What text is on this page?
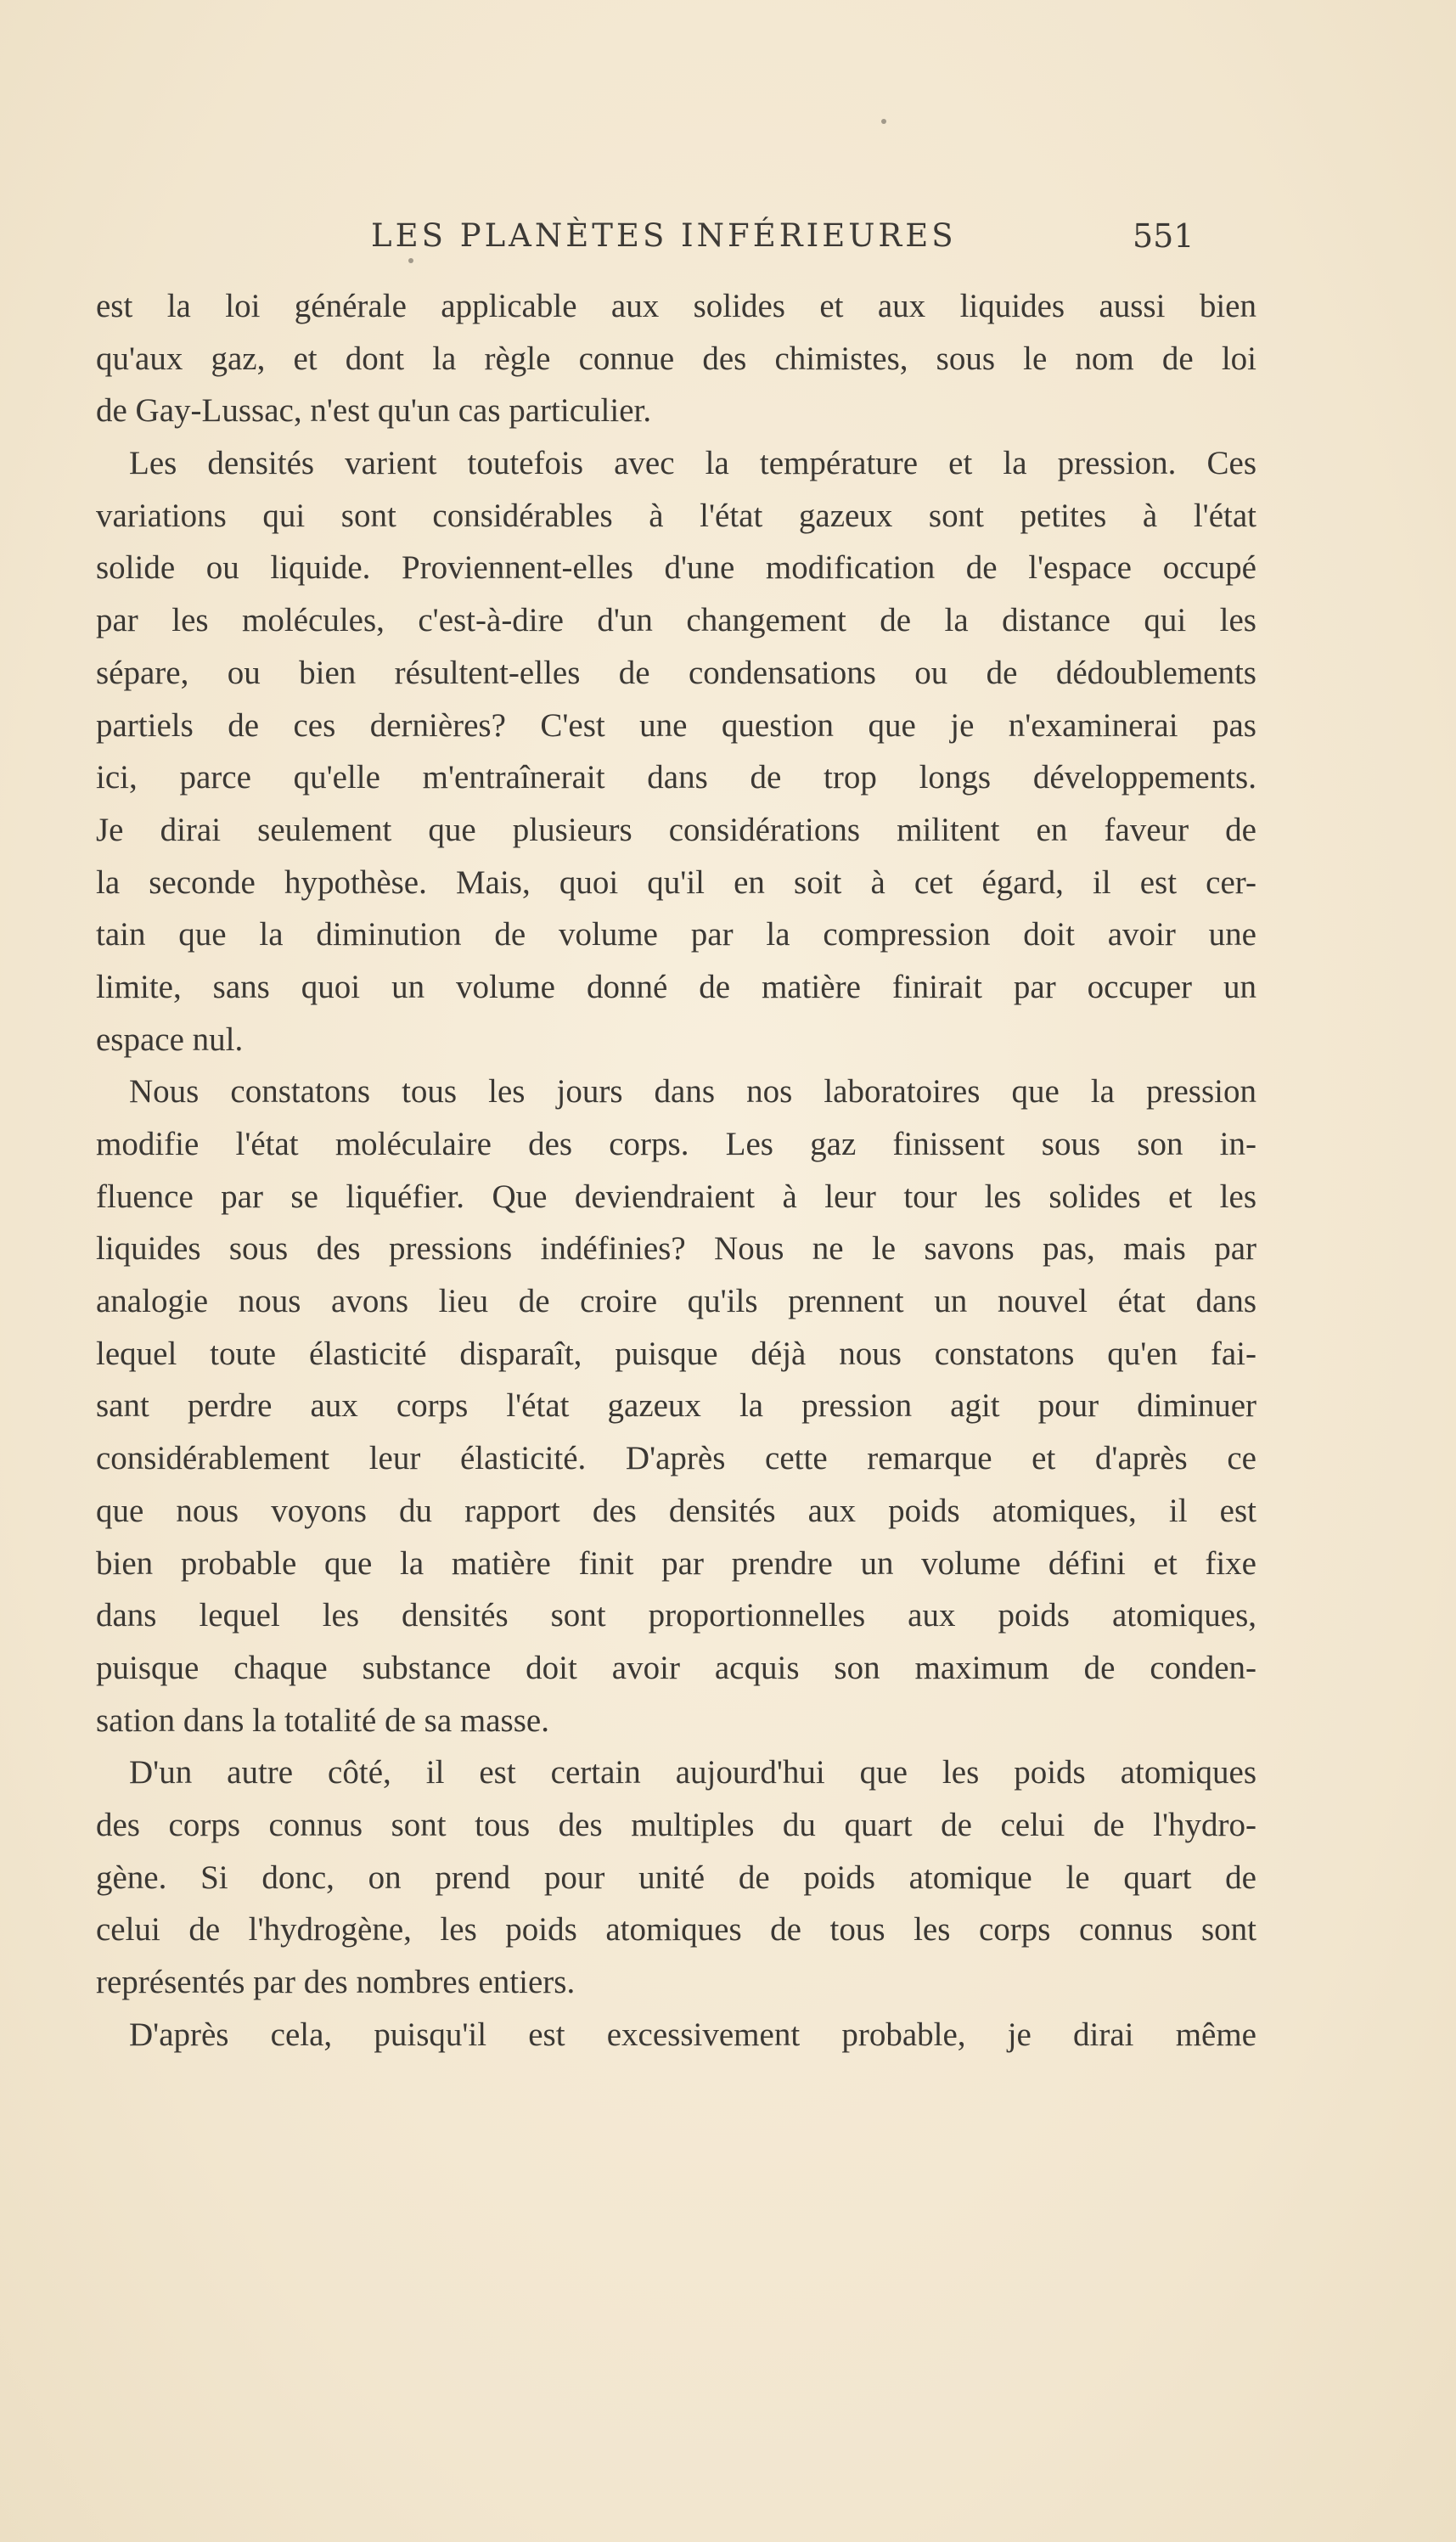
LES PLANÈTES INFÉRIEURES	551
est la loi générale applicable aux solides et aux liquides aussi bien
qu'aux gaz, et dont la règle connue des chimistes, sous le nom de loi
de Gay-Lussac, n'est qu'un cas particulier.
Les densités varient toutefois avec la température et la pression. Ces
variations qui sont considérables à l'état gazeux sont petites à l'état
solide ou liquide. Proviennent-elles d'une modification de l'espace occupé
par les molécules, c'est-à-dire d'un changement de la distance qui les
sépare, ou bien résultent-elles de condensations ou de dédoublements
partiels de ces dernières? C'est une question que je n'examinerai pas
ici, parce qu'elle m'entraînerait dans de trop longs développements.
Je dirai seulement que plusieurs considérations militent en faveur de
la seconde hypothèse. Mais, quoi qu'il en soit à cet égard, il est cer-
tain que la diminution de volume par la compression doit avoir une
limite, sans quoi un volume donné de matière finirait par occuper un
espace nul.
Nous constatons tous les jours dans nos laboratoires que la pression
modifie l'état moléculaire des corps. Les gaz finissent sous son in-
fluence par se liquéfier. Que deviendraient à leur tour les solides et les
liquides sous des pressions indéfinies? Nous ne le savons pas, mais par
analogie nous avons lieu de croire qu'ils prennent un nouvel état dans
lequel toute élasticité disparaît, puisque déjà nous constatons qu'en fai-
sant perdre aux corps l'état gazeux la pression agit pour diminuer
considérablement leur élasticité. D'après cette remarque et d'après ce
que nous voyons du rapport des densités aux poids atomiques, il est
bien probable que la matière finit par prendre un volume défini et fixe
dans lequel les densités sont proportionnelles aux poids atomiques,
puisque chaque substance doit avoir acquis son maximum de conden-
sation dans la totalité de sa masse.
D'un autre côté, il est certain aujourd'hui que les poids atomiques
des corps connus sont tous des multiples du quart de celui de l'hydro-
gène. Si donc, on prend pour unité de poids atomique le quart de
celui de l'hydrogène, les poids atomiques de tous les corps connus sont
représentés par des nombres entiers.
D'après cela, puisqu'il est excessivement probable, je dirai même
